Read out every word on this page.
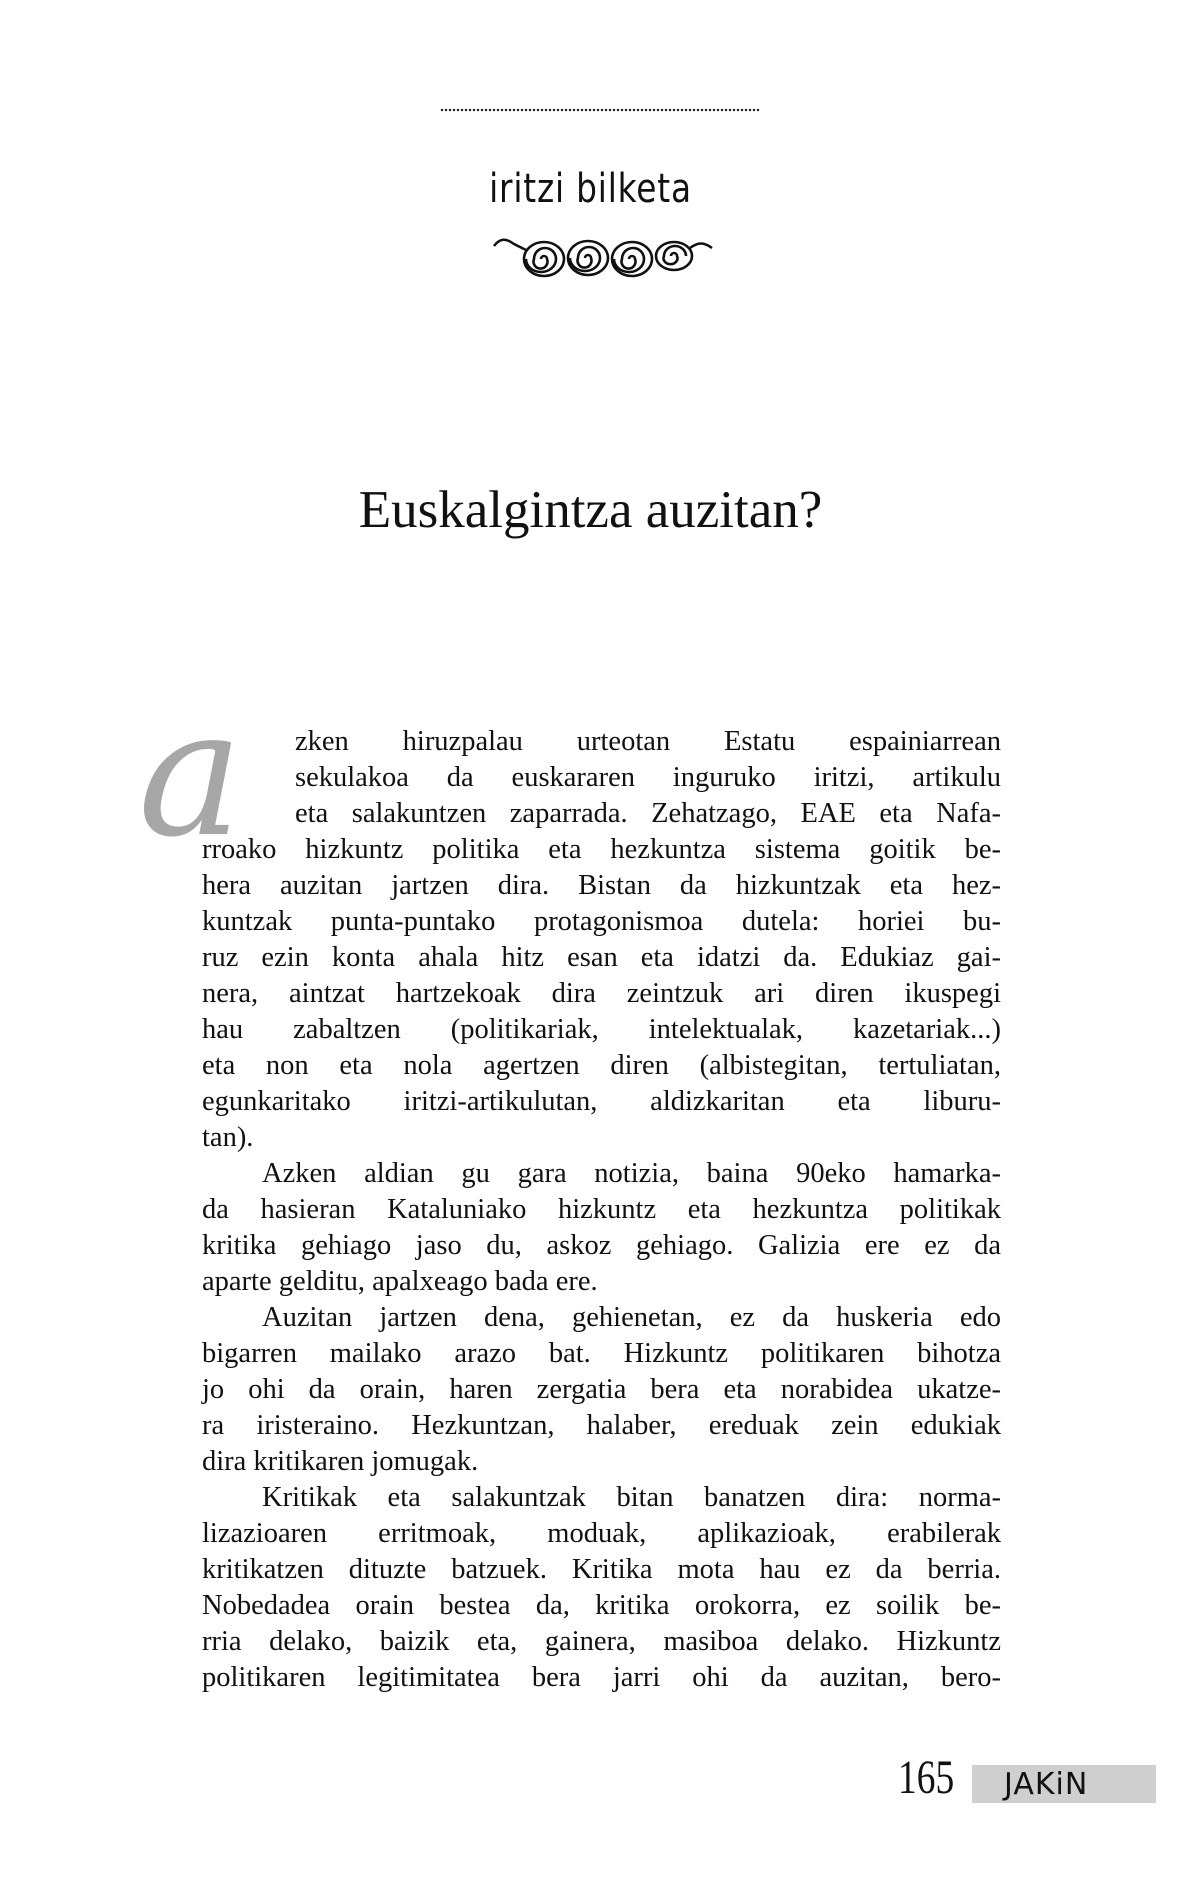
iritzi bilketa
Euskalgintza auzitan?
a zken hiruzpalau urteotan Estatu espainiarrean
sekulakoa da euskararen inguruko iritzi, artikulu
eta salakuntzen zaparrada. Zehatzago, EAE eta Nafa-
rroako hizkuntz politika eta hezkuntza sistema goitik be-
hera auzitan jartzen dira. Bistan da hizkuntzak eta hez-
kuntzak punta-puntako protagonismoa dutela: horiei bu-
ruz ezin konta ahala hitz esan eta idatzi da. Edukiaz gai-
nera, aintzat hartzekoak dira zeintzuk ari diren ikuspegi
hau zabaltzen (politikariak, intelektualak, kazetariak...)
eta non eta nola agertzen diren (albistegitan, tertuliatan,
egunkaritako iritzi-artikulutan, aldizkaritan eta liburu-
tan).
Azken aldian gu gara notizia, baina 90eko hamarka-
da hasieran Kataluniako hizkuntz eta hezkuntza politikak
kritika gehiago jaso du, askoz gehiago. Galizia ere ez da
aparte gelditu, apalxeago bada ere.
Auzitan jartzen dena, gehienetan, ez da huskeria edo
bigarren mailako arazo bat. Hizkuntz politikaren bihotza
jo ohi da orain, haren zergatia bera eta norabidea ukatze-
ra iristeraino. Hezkuntzan, halaber, ereduak zein edukiak
dira kritikaren jomugak.
Kritikak eta salakuntzak bitan banatzen dira: norma-
lizazioaren erritmoak, moduak, aplikazioak, erabilerak
kritikatzen dituzte batzuek. Kritika mota hau ez da berria.
Nobedadea orain bestea da, kritika orokorra, ez soilik be-
rria delako, baizik eta, gainera, masiboa delako. Hizkuntz
politikaren legitimitatea bera jarri ohi da auzitan, bero-
165 JAKiN
